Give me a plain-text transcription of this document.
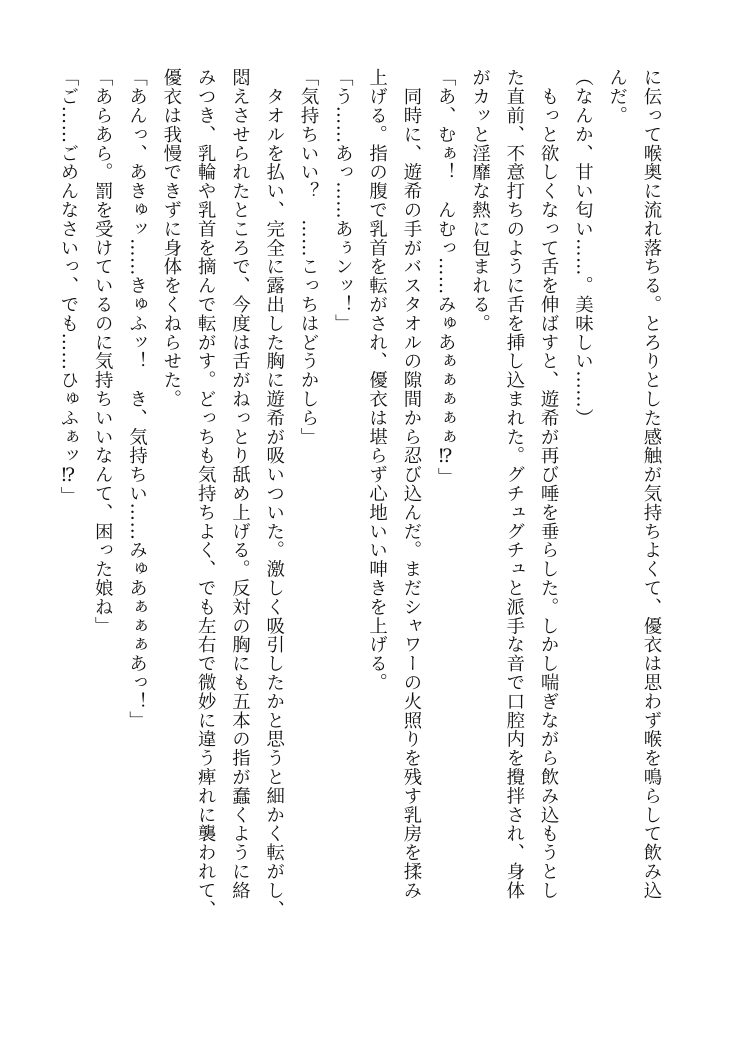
に伝って喉奥に流れ落ちる。とろりとした感触が気持ちよくて、優衣は思わず喉を鳴らして飲み込
んだ。
（なんか、甘い匂い……。美味しい……）
　もっと欲しくなって舌を伸ばすと、遊希が再び唾を垂らした。しかし喘ぎながら飲み込もうとし
た直前、不意打ちのように舌を挿し込まれた。グチュグチュと派手な音で口腔内を攪拌され、身体
がカッと淫靡な熱に包まれる。
「あ、むぁ！　んむっ……みゅあぁぁぁぁぁ⁉」
　同時に、遊希の手がバスタオルの隙間から忍び込んだ。まだシャワーの火照りを残す乳房を揉み
上げる。指の腹で乳首を転がされ、優衣は堪らず心地いい呻きを上げる。
「う……あっ……あぅンッ！」
「気持ちいい？　……こっちはどうかしら」
　タオルを払い、完全に露出した胸に遊希が吸いついた。激しく吸引したかと思うと細かく転がし、
悶えさせられたところで、今度は舌がねっとり舐め上げる。反対の胸にも五本の指が蠢くように絡
みつき、乳輪や乳首を摘んで転がす。どっちも気持ちよく、でも左右で微妙に違う痺れに襲われて、
優衣は我慢できずに身体をくねらせた。
「あんっ、あきゅッ……きゅふッ！　き、気持ちい……みゅあぁぁぁあっ！」
「あらあら。罰を受けているのに気持ちいいなんて、困った娘ね」
「ご……ごめんなさいっ、でも……ひゅふぁッ⁉」
